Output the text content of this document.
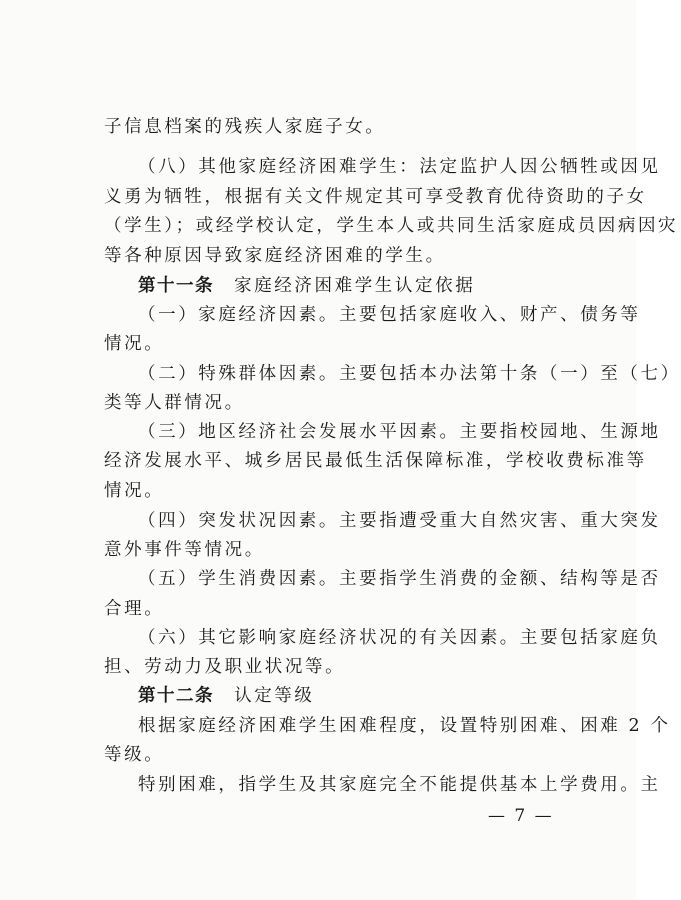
子信息档案的残疾人家庭子女。
（八）其他家庭经济困难学生：法定监护人因公牺牲或因见
义勇为牺牲，根据有关文件规定其可享受教育优待资助的子女
（学生）；或经学校认定，学生本人或共同生活家庭成员因病因灾
等各种原因导致家庭经济困难的学生。
第十一条　家庭经济困难学生认定依据
（一）家庭经济因素。主要包括家庭收入、财产、债务等
情况。
（二）特殊群体因素。主要包括本办法第十条（一）至（七）
类等人群情况。
（三）地区经济社会发展水平因素。主要指校园地、生源地
经济发展水平、城乡居民最低生活保障标准，学校收费标准等
情况。
（四）突发状况因素。主要指遭受重大自然灾害、重大突发
意外事件等情况。
（五）学生消费因素。主要指学生消费的金额、结构等是否
合理。
（六）其它影响家庭经济状况的有关因素。主要包括家庭负
担、劳动力及职业状况等。
第十二条　认定等级
根据家庭经济困难学生困难程度，设置特别困难、困难 2 个
等级。
特别困难，指学生及其家庭完全不能提供基本上学费用。主
— 7 —
